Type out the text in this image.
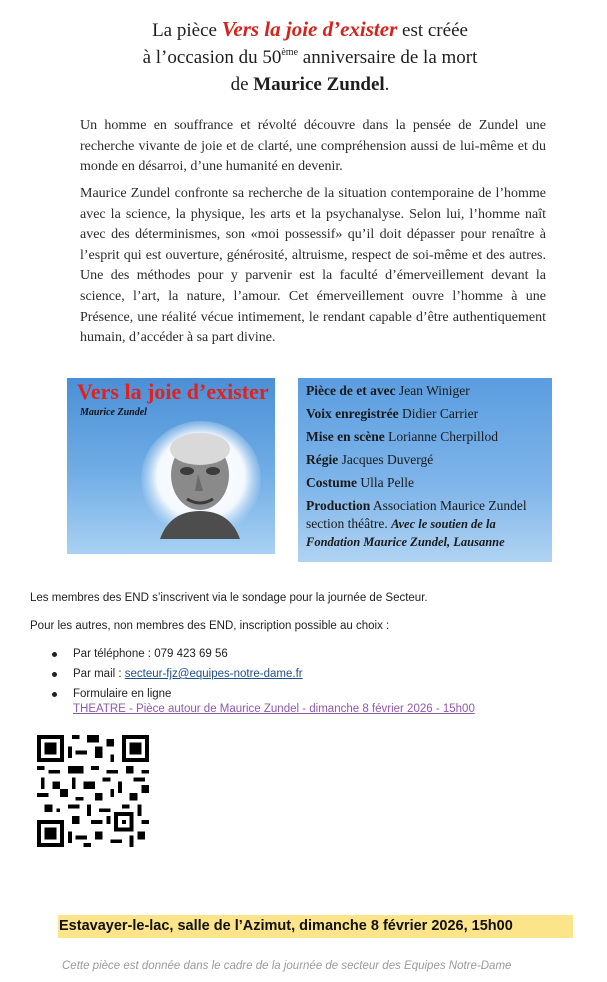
La pièce Vers la joie d’exister est créée
à l’occasion du 50ème anniversaire de la mort
de Maurice Zundel.

Un homme en souffrance et révolté découvre dans la pensée de Zundel une recherche vivante de joie et de clarté, une compréhension aussi de lui-même et du monde en désarroi, d’une humanité en devenir.

Maurice Zundel confronte sa recherche de la situation contemporaine de l’homme avec la science, la physique, les arts et la psychanalyse. Selon lui, l’homme naît avec des déterminismes, son «moi possessif» qu’il doit dépasser pour renaître à l’esprit qui est ouverture, générosité, altruisme, respect de soi-même et des autres. Une des méthodes pour y parvenir est la faculté d’émerveillement devant la science, l’art, la nature, l’amour. Cet émerveillement ouvre l’homme à une Présence, une réalité vécue intimement, le rendant capable d’être authentiquement humain, d’accéder à sa part divine.

Vers la joie d’exister
Maurice Zundel
Pièce de et avec Jean Winiger
Voix enregistrée Didier Carrier
Mise en scène Lorianne Cherpillod
Régie Jacques Duvergé
Costume Ulla Pelle
Production Association Maurice Zundel section théâtre. Avec le soutien de la Fondation Maurice Zundel, Lausanne
Les membres des END s’inscrivent via le sondage pour la journée de Secteur.
Pour les autres, non membres des END, inscription possible au choix :
Par téléphone : 079 423 69 56
Par mail : secteur-fjz@equipes-notre-dame.fr
Formulaire en ligne
THEATRE - Pièce autour de Maurice Zundel - dimanche 8 février 2026 - 15h00
Estavayer-le-lac, salle de l’Azimut, dimanche 8 février 2026, 15h00
Cette pièce est donnée dans le cadre de la journée de secteur des Equipes Notre-Dame
